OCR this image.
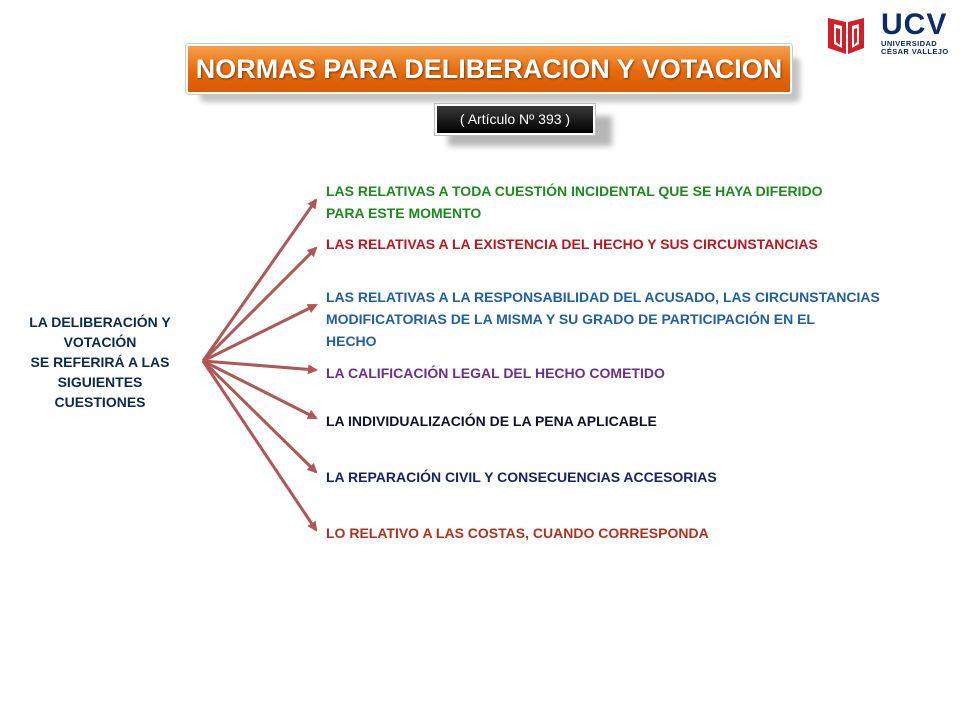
UCV
UNIVERSIDAD
CÉSAR VALLEJO
NORMAS PARA DELIBERACION Y VOTACION
( Artículo Nº 393 )
LA DELIBERACIÓN Y
VOTACIÓN
SE REFERIRÁ A LAS
SIGUIENTES
CUESTIONES
LAS RELATIVAS A TODA CUESTIÓN INCIDENTAL QUE SE HAYA DIFERIDO
PARA ESTE MOMENTO
LAS RELATIVAS A LA EXISTENCIA DEL HECHO Y SUS CIRCUNSTANCIAS
LAS RELATIVAS A LA RESPONSABILIDAD DEL ACUSADO, LAS CIRCUNSTANCIAS
MODIFICATORIAS DE LA MISMA Y SU GRADO DE PARTICIPACIÓN EN EL
HECHO
LA CALIFICACIÓN LEGAL DEL HECHO COMETIDO
LA INDIVIDUALIZACIÓN DE LA PENA APLICABLE
LA REPARACIÓN CIVIL Y CONSECUENCIAS ACCESORIAS
LO RELATIVO A LAS COSTAS, CUANDO CORRESPONDA
